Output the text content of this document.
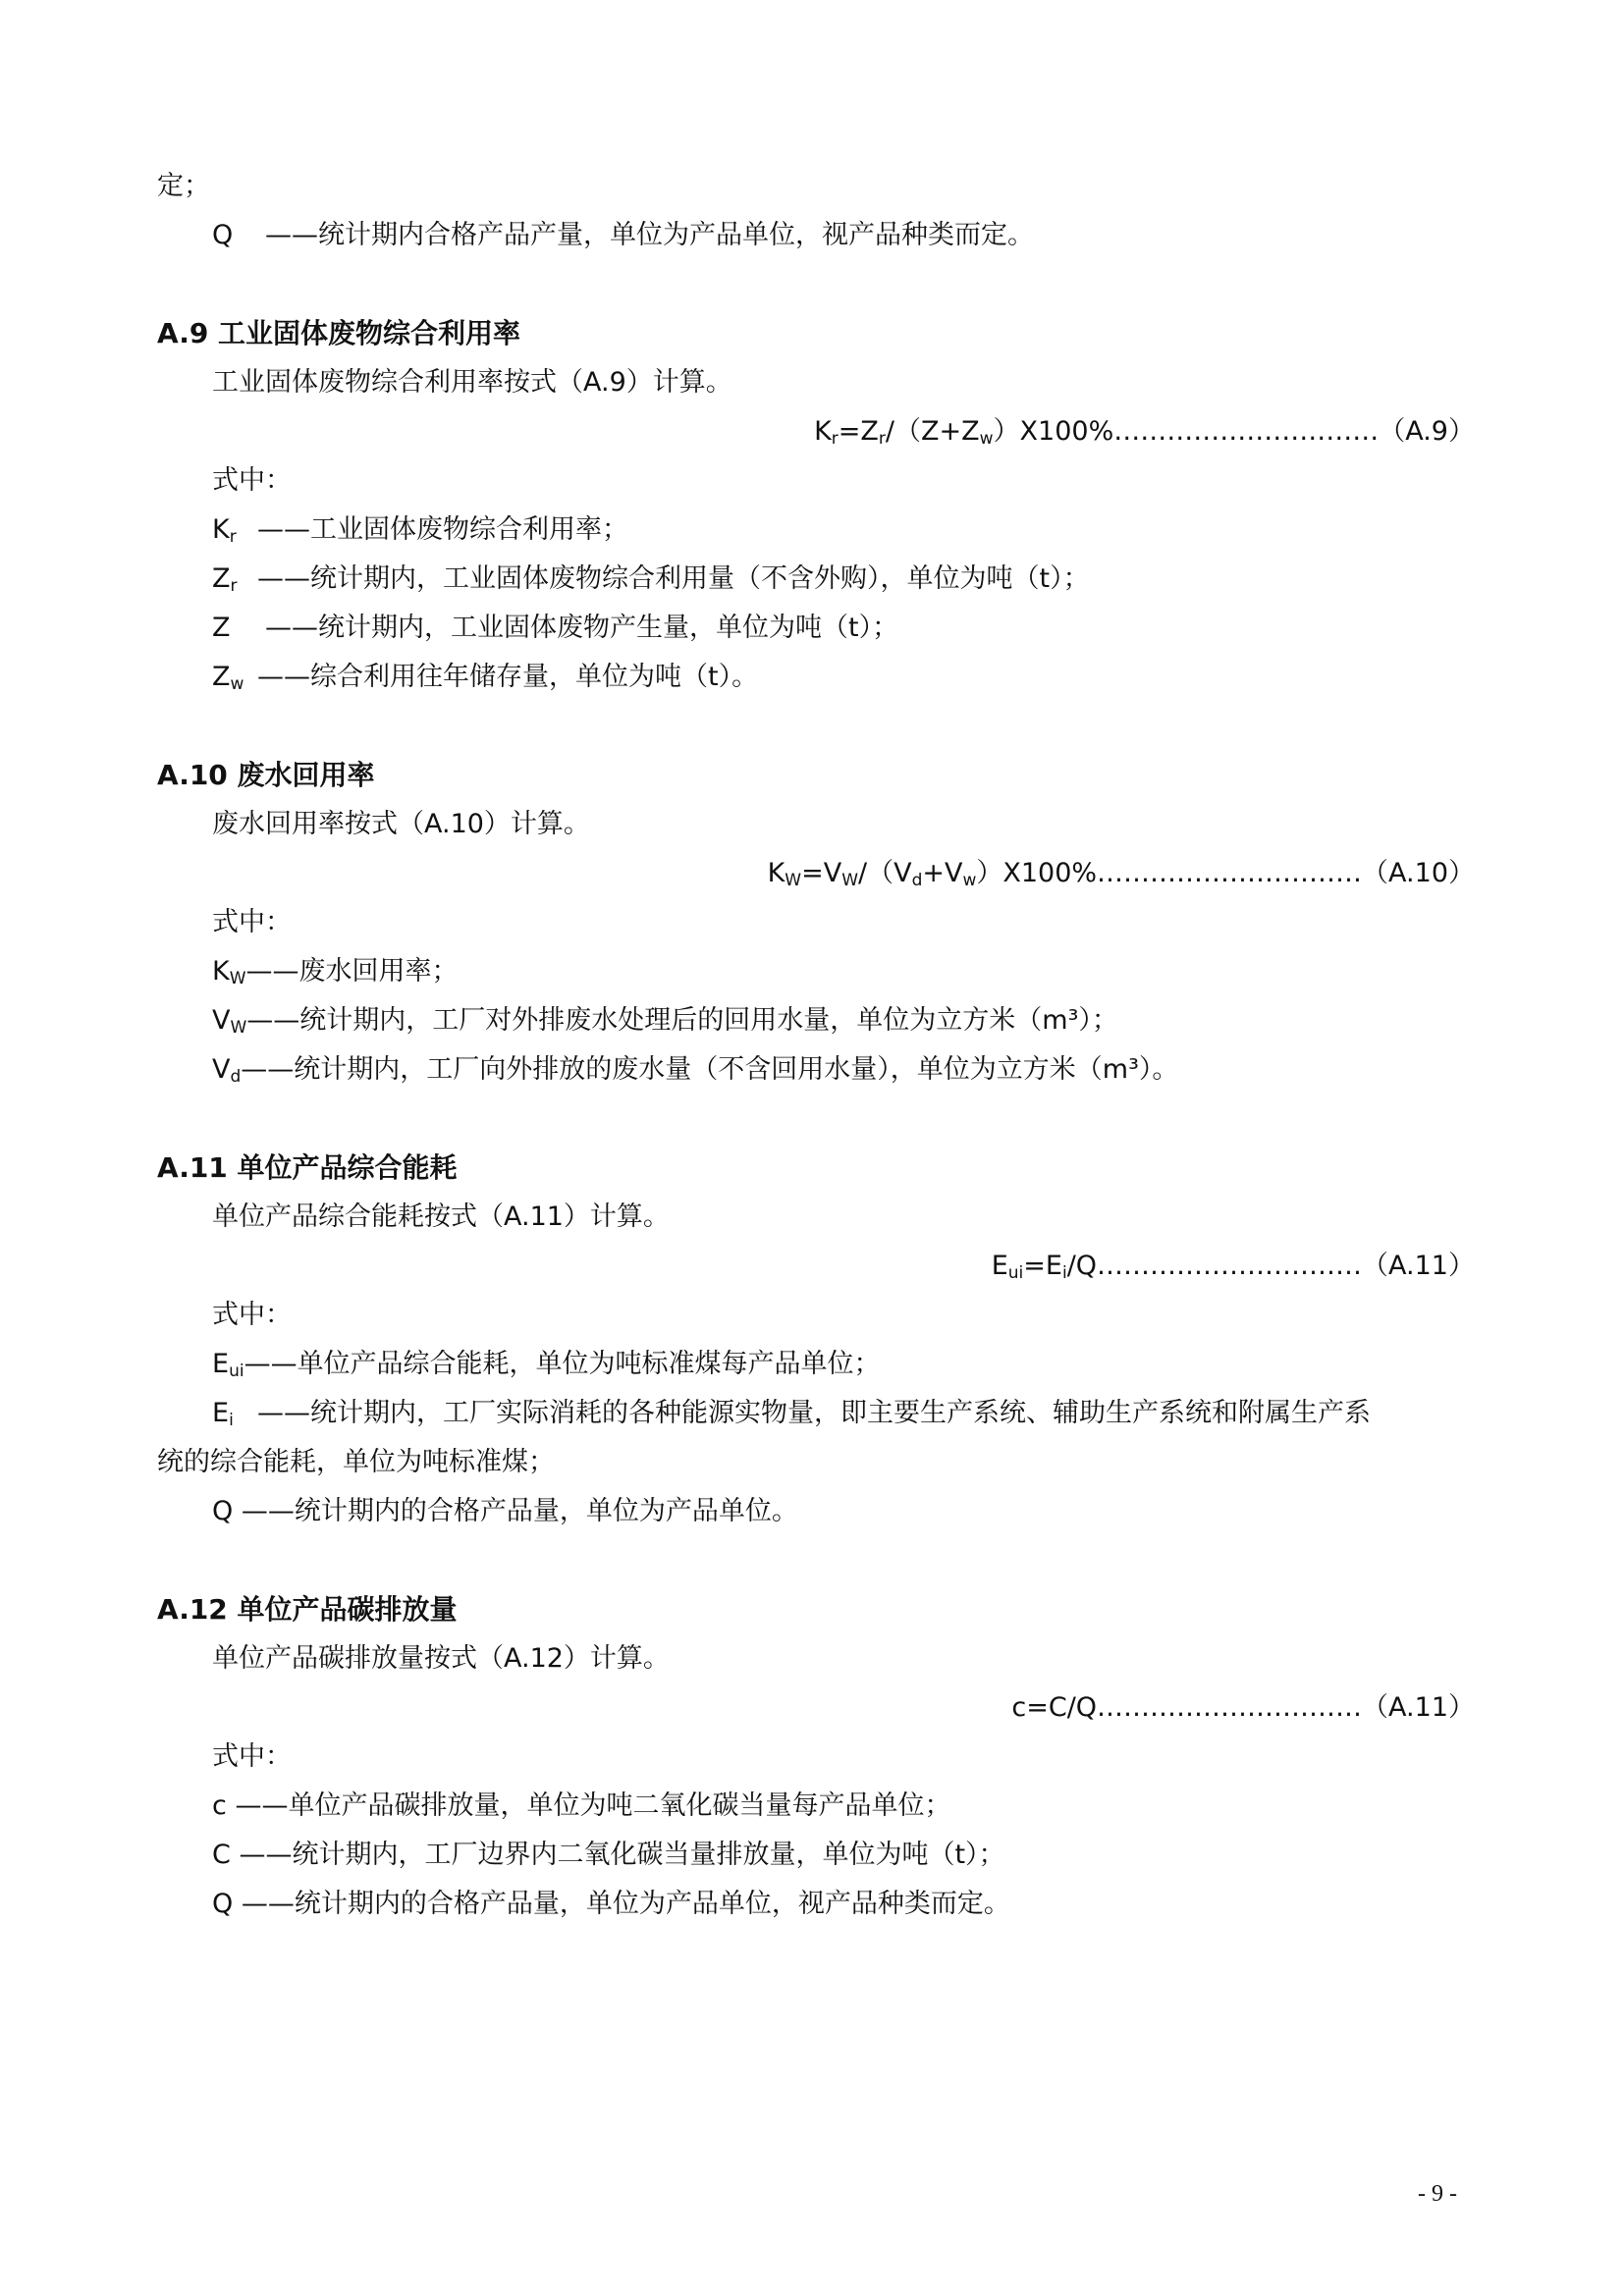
定；
Q ——统计期内合格产品产量，单位为产品单位，视产品种类而定。
A.9 工业固体废物综合利用率
工业固体废物综合利用率按式（A.9）计算。
$K_r=Z_r/(Z+Z_w)X100\%\dots\dots\dots\dots\dots\dots\dots\dots\dots\dots(A.9)$
式中：
$K_r$ ——工业固体废物综合利用率；
$Z_r$ ——统计期内，工业固体废物综合利用量（不含外购），单位为吨（t）；
Z ——统计期内，工业固体废物产生量，单位为吨（t）；
$Z_w$ ——综合利用往年储存量，单位为吨（t）。
A.10 废水回用率
废水回用率按式（A.10）计算。
$K_W=V_W/(V_d+V_w)X100\%\dots\dots\dots\dots\dots\dots\dots\dots\dots\dots(A.10)$
式中：
$K_W——$废水回用率；
$V_W——$统计期内，工厂对外排废水处理后的回用水量，单位为立方米（m³）；
$V_d——$统计期内，工厂向外排放的废水量（不含回用水量），单位为立方米（m³）。
A.11 单位产品综合能耗
单位产品综合能耗按式（A.11）计算。
$E_{ui}=E_i/Q\dots\dots\dots\dots\dots\dots\dots\dots\dots\dots(A.11)$
式中：
$E_{ui}——$单位产品综合能耗，单位为吨标准煤每产品单位；
$E_i$ ——统计期内，工厂实际消耗的各种能源实物量，即主要生产系统、辅助生产系统和附属生产系
统的综合能耗，单位为吨标准煤；
Q ——统计期内的合格产品量，单位为产品单位。
A.12 单位产品碳排放量
单位产品碳排放量按式（A.12）计算。
c=C/Q…………………………（A.11）
式中：
c ——单位产品碳排放量，单位为吨二氧化碳当量每产品单位；
C ——统计期内，工厂边界内二氧化碳当量排放量，单位为吨（t）；
Q ——统计期内的合格产品量，单位为产品单位，视产品种类而定。
- 9 -
